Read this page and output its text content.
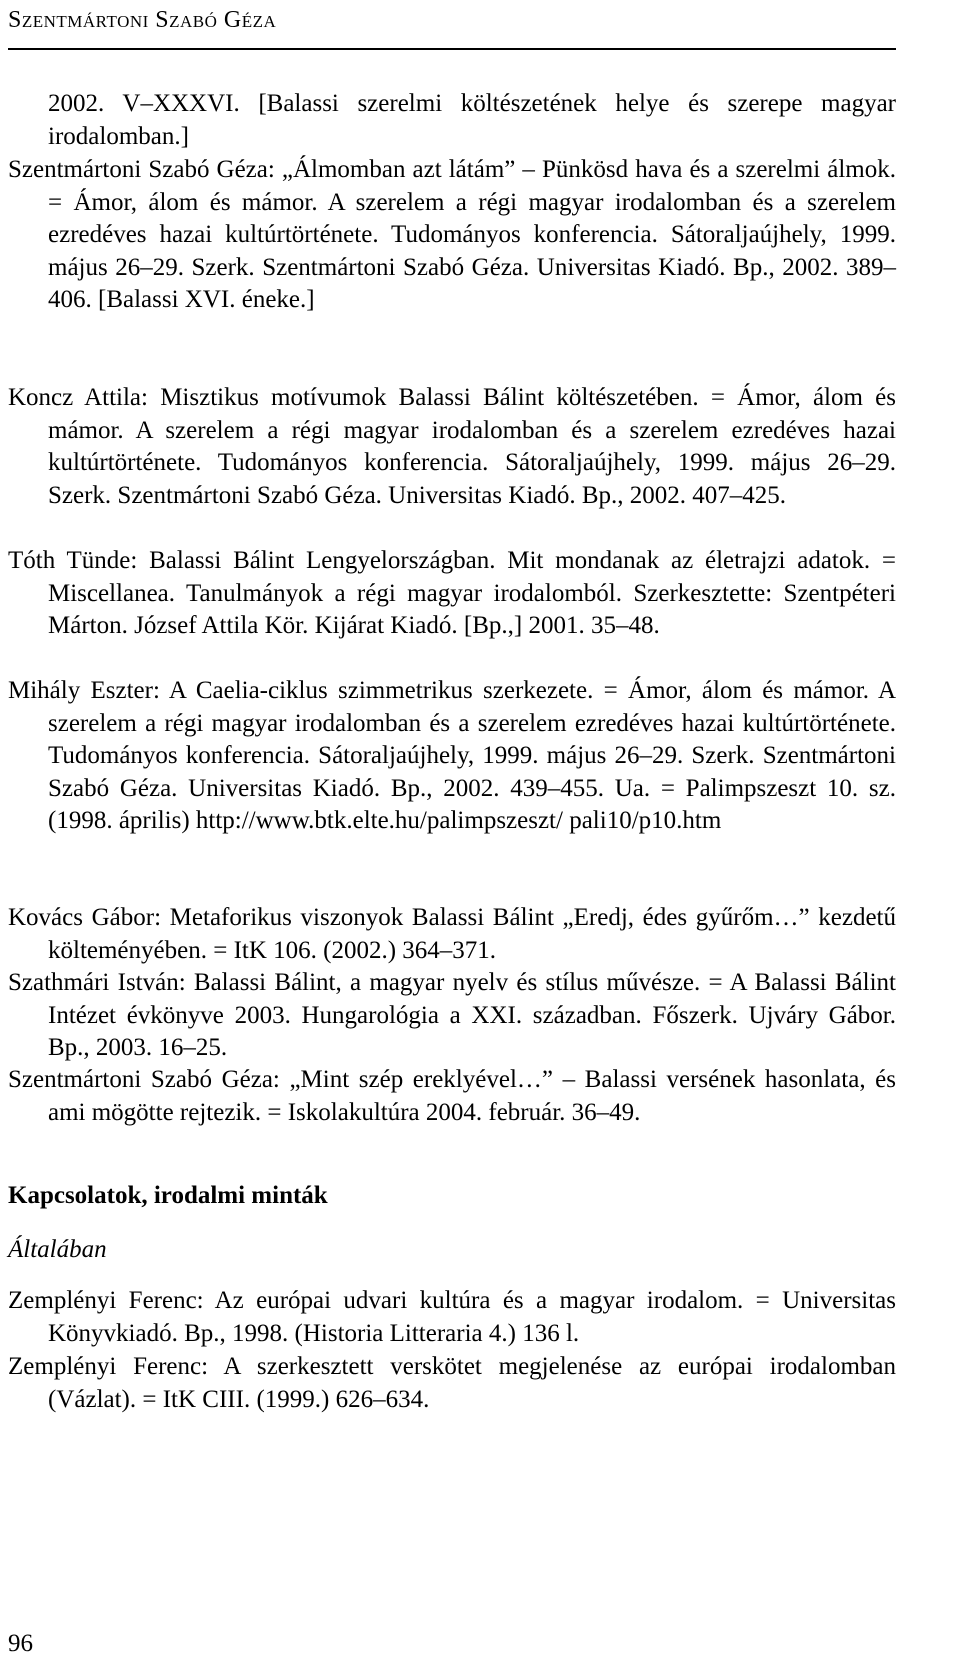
Szentmártoni Szabó Géza
2002. V–XXXVI. [Balassi szerelmi költészetének helye és szerepe magyar irodalomban.]
Szentmártoni Szabó Géza: „Álmomban azt látám” – Pünkösd hava és a szerelmi álmok. = Ámor, álom és mámor. A szerelem a régi magyar irodalomban és a szerelem ezredéves hazai kultúrtörténete. Tudományos konferencia. Sátoraljaújhely, 1999. május 26–29. Szerk. Szentmártoni Szabó Géza. Universitas Kiadó. Bp., 2002. 389–406. [Balassi XVI. éneke.]
Koncz Attila: Misztikus motívumok Balassi Bálint költészetében. = Ámor, álom és mámor. A szerelem a régi magyar irodalomban és a szerelem ezredéves hazai kultúrtörténete. Tudományos konferencia. Sátoraljaújhely, 1999. május 26–29. Szerk. Szentmártoni Szabó Géza. Universitas Kiadó. Bp., 2002. 407–425.
Tóth Tünde: Balassi Bálint Lengyelországban. Mit mondanak az életrajzi adatok. = Miscellanea. Tanulmányok a régi magyar irodalomból. Szerkesztette: Szentpéteri Márton. József Attila Kör. Kijárat Kiadó. [Bp.,] 2001. 35–48.
Mihály Eszter: A Caelia-ciklus szimmetrikus szerkezete. = Ámor, álom és mámor. A szerelem a régi magyar irodalomban és a szerelem ezredéves hazai kultúrtörténete. Tudományos konferencia. Sátoraljaújhely, 1999. május 26–29. Szerk. Szentmártoni Szabó Géza. Universitas Kiadó. Bp., 2002. 439–455. Ua. = Palimpszeszt 10. sz. (1998. április) http://www.btk.elte.hu/palimpszeszt/ pali10/p10.htm
Kovács Gábor: Metaforikus viszonyok Balassi Bálint „Eredj, édes gyűrőm…” kezdetű költeményében. = ItK 106. (2002.) 364–371.
Szathmári István: Balassi Bálint, a magyar nyelv és stílus művésze. = A Balassi Bálint Intézet évkönyve 2003. Hungarológia a XXI. században. Főszerk. Ujváry Gábor. Bp., 2003. 16–25.
Szentmártoni Szabó Géza: „Mint szép ereklyével…” – Balassi versének hasonlata, és ami mögötte rejtezik. = Iskolakultúra 2004. február. 36–49.
Kapcsolatok, irodalmi minták
Általában
Zemplényi Ferenc: Az európai udvari kultúra és a magyar irodalom. = Universitas Könyvkiadó. Bp., 1998. (Historia Litteraria 4.) 136 l.
Zemplényi Ferenc: A szerkesztett verskötet megjelenése az európai irodalomban (Vázlat). = ItK CIII. (1999.) 626–634.
96
